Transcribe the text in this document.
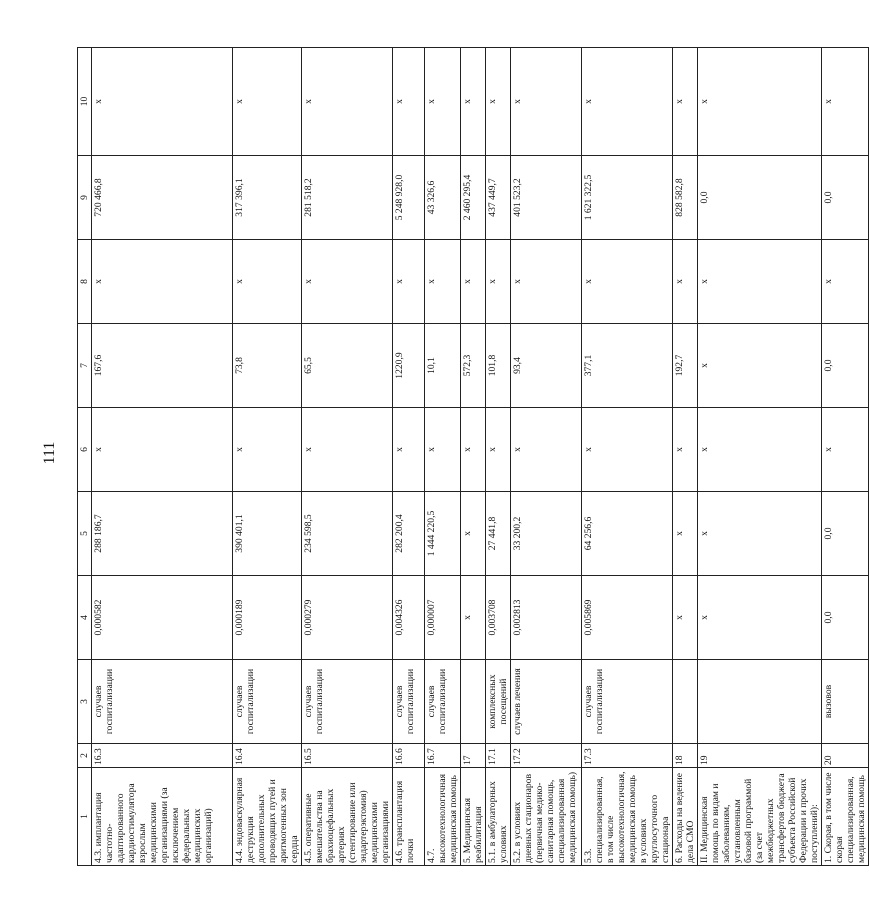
111
1	2	3	4	5	6	7	8	9	10
4.3. имплантация частотно-адаптированного кардиостимулятора взрослым медицинскими организациями (за исключением федеральных медицинских организаций)	16.3	случаев госпитализации	0,000582	288 186,7	х	167,6	х	720 466,8	х
4.4. эндоваскулярная деструкция дополнительных проводящих путей и аритмогенных зон сердца	16.4	случаев госпитализации	0,000189	390 401,1	х	73,8	х	317 396,1	х
4.5. оперативные вмешательства на брахиоцефальных артериях (стентирование или эндартерэктомия) медицинскими организациями	16.5	случаев госпитализации	0,000279	234 598,5	х	65,5	х	281 518,2	х
4.6. трансплантация почки	16.6	случаев госпитализации	0,004326	282 200,4	х	1220,9	х	5 248 928,0	х
4.7. высокотехнологичная медицинская помощь	16.7	случаев госпитализации	0,000007	1 444 220,5	х	10,1	х	43 326,6	х
5. Медицинская реабилитация	17		х	х	х	572,3	х	2 460 295,4	х
5.1. в амбулаторных условиях	17.1	комплексных посещений	0,003708	27 441,8	х	101,8	х	437 449,7	х
5.2. в условиях дневных стационаров (первичная медико-санитарная помощь, специализированная медицинская помощь)	17.2	случаев лечения	0,002813	33 200,2	х	93,4	х	401 523,2	х
5.3. специализированная, в том числе высокотехнологичная, медицинская помощь в условиях круглосуточного стационара	17.3	случаев госпитализации	0,005869	64 256,6	х	377,1	х	1 621 322,5	х
6. Расходы на ведение дела СМО	18		х	х	х	192,7	х	828 582,8	х
II. Медицинская помощь по видам и заболеваниям, установленным базовой программой (за счет межбюджетных трансфертов бюджета субъекта Российской Федерации и прочих поступлений):	19		х	х	х	х	х	0,0	х
1. Скорая, в том числе скорая специализированная, медицинская помощь	20	вызовов	0,0	0,0	х	0,0	х	0,0	х
